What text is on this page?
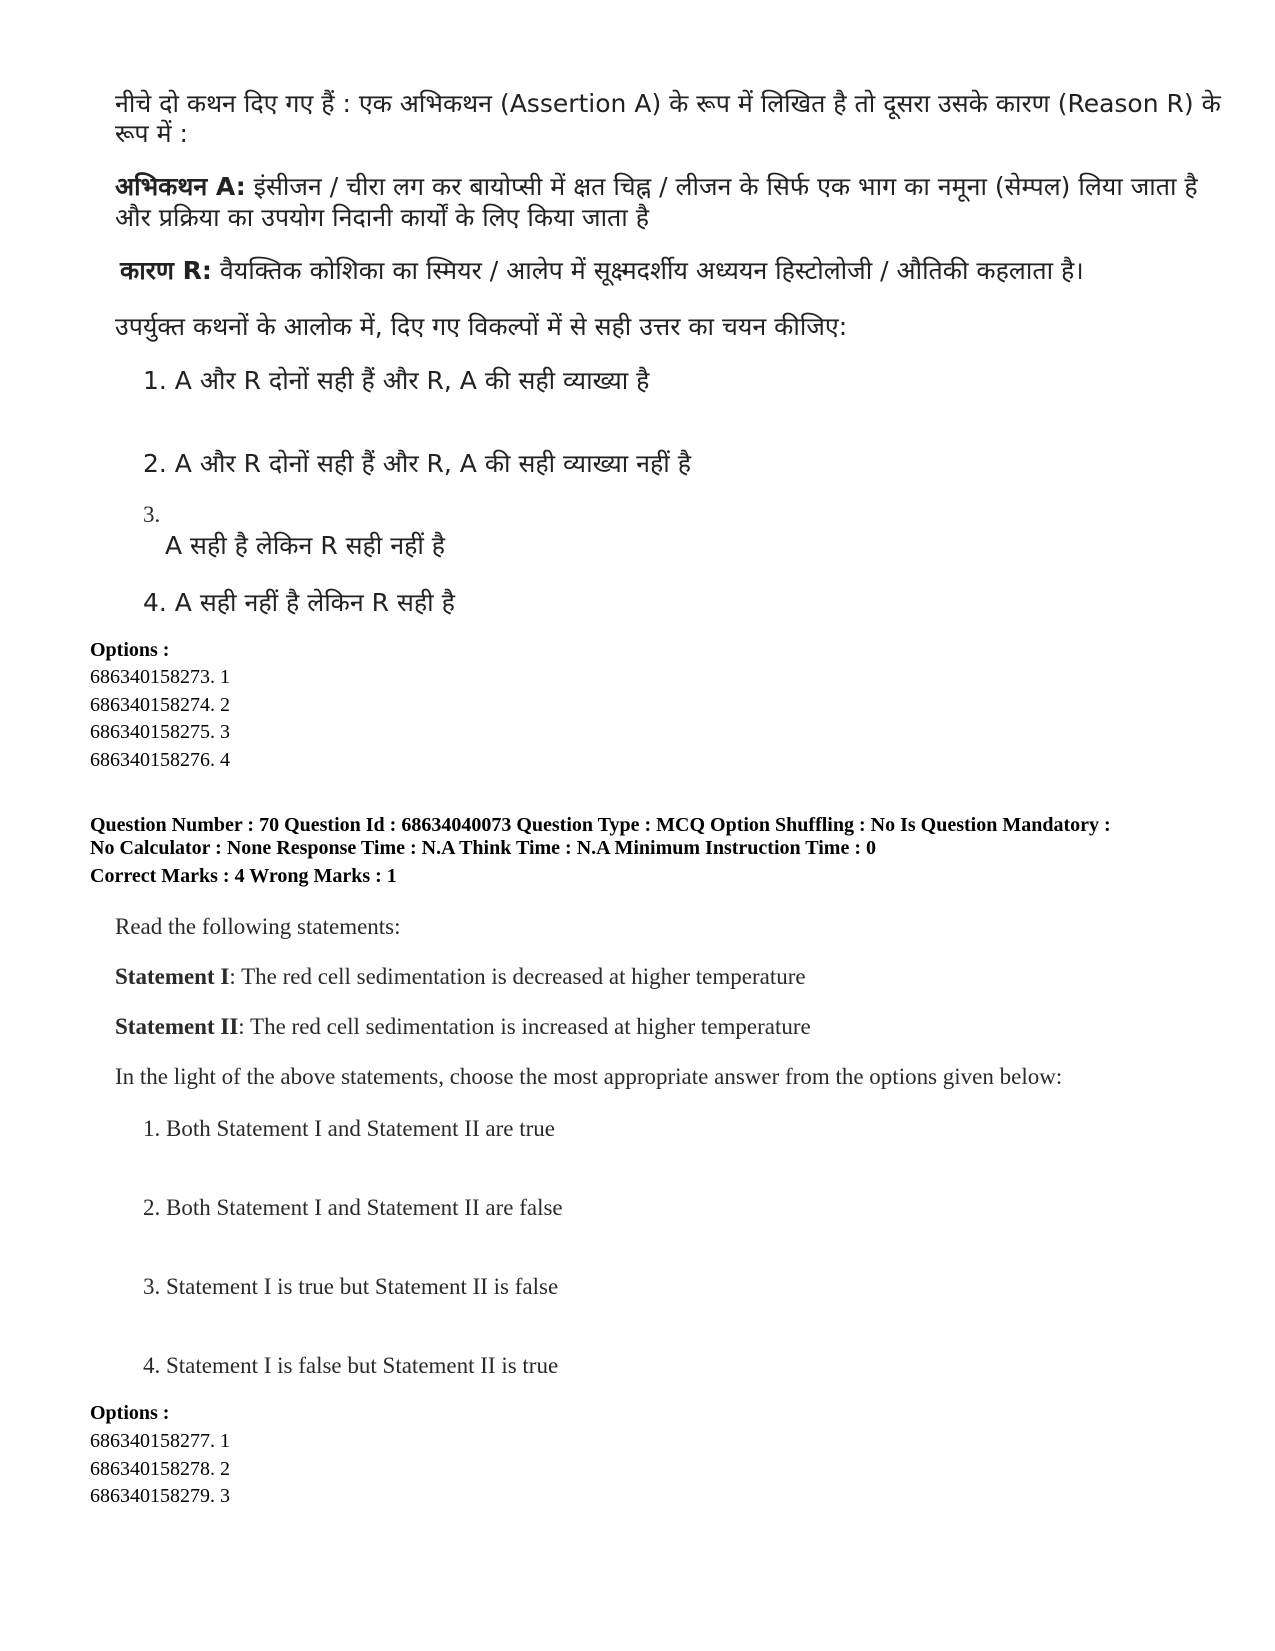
नीचे दो कथन दिए गए हैं : एक अभिकथन (Assertion A) के रूप में लिखित है तो दूसरा उसके कारण (Reason R) के
रूप में :
अभिकथन A: इंसीजन / चीरा लग कर बायोप्सी में क्षत चिह्न / लीजन के सिर्फ एक भाग का नमूना (सेम्पल) लिया जाता है
और प्रक्रिया का उपयोग निदानी कार्यों के लिए किया जाता है
कारण R: वैयक्तिक कोशिका का स्मियर / आलेप में सूक्ष्मदर्शीय अध्ययन हिस्टोलोजी / औतिकी कहलाता है।
उपर्युक्त कथनों के आलोक में, दिए गए विकल्पों में से सही उत्तर का चयन कीजिए:
1. A और R दोनों सही हैं और R, A की सही व्याख्या है
2. A और R दोनों सही हैं और R, A की सही व्याख्या नहीं है
3.
A सही है लेकिन R सही नहीं है
4. A सही नहीं है लेकिन R सही है
Options :
686340158273. 1
686340158274. 2
686340158275. 3
686340158276. 4
Question Number : 70 Question Id : 68634040073 Question Type : MCQ Option Shuffling : No Is Question Mandatory :
No Calculator : None Response Time : N.A Think Time : N.A Minimum Instruction Time : 0
Correct Marks : 4 Wrong Marks : 1
Read the following statements:
Statement I: The red cell sedimentation is decreased at higher temperature
Statement II: The red cell sedimentation is increased at higher temperature
In the light of the above statements, choose the most appropriate answer from the options given below:
1. Both Statement I and Statement II are true
2. Both Statement I and Statement II are false
3. Statement I is true but Statement II is false
4. Statement I is false but Statement II is true
Options :
686340158277. 1
686340158278. 2
686340158279. 3
